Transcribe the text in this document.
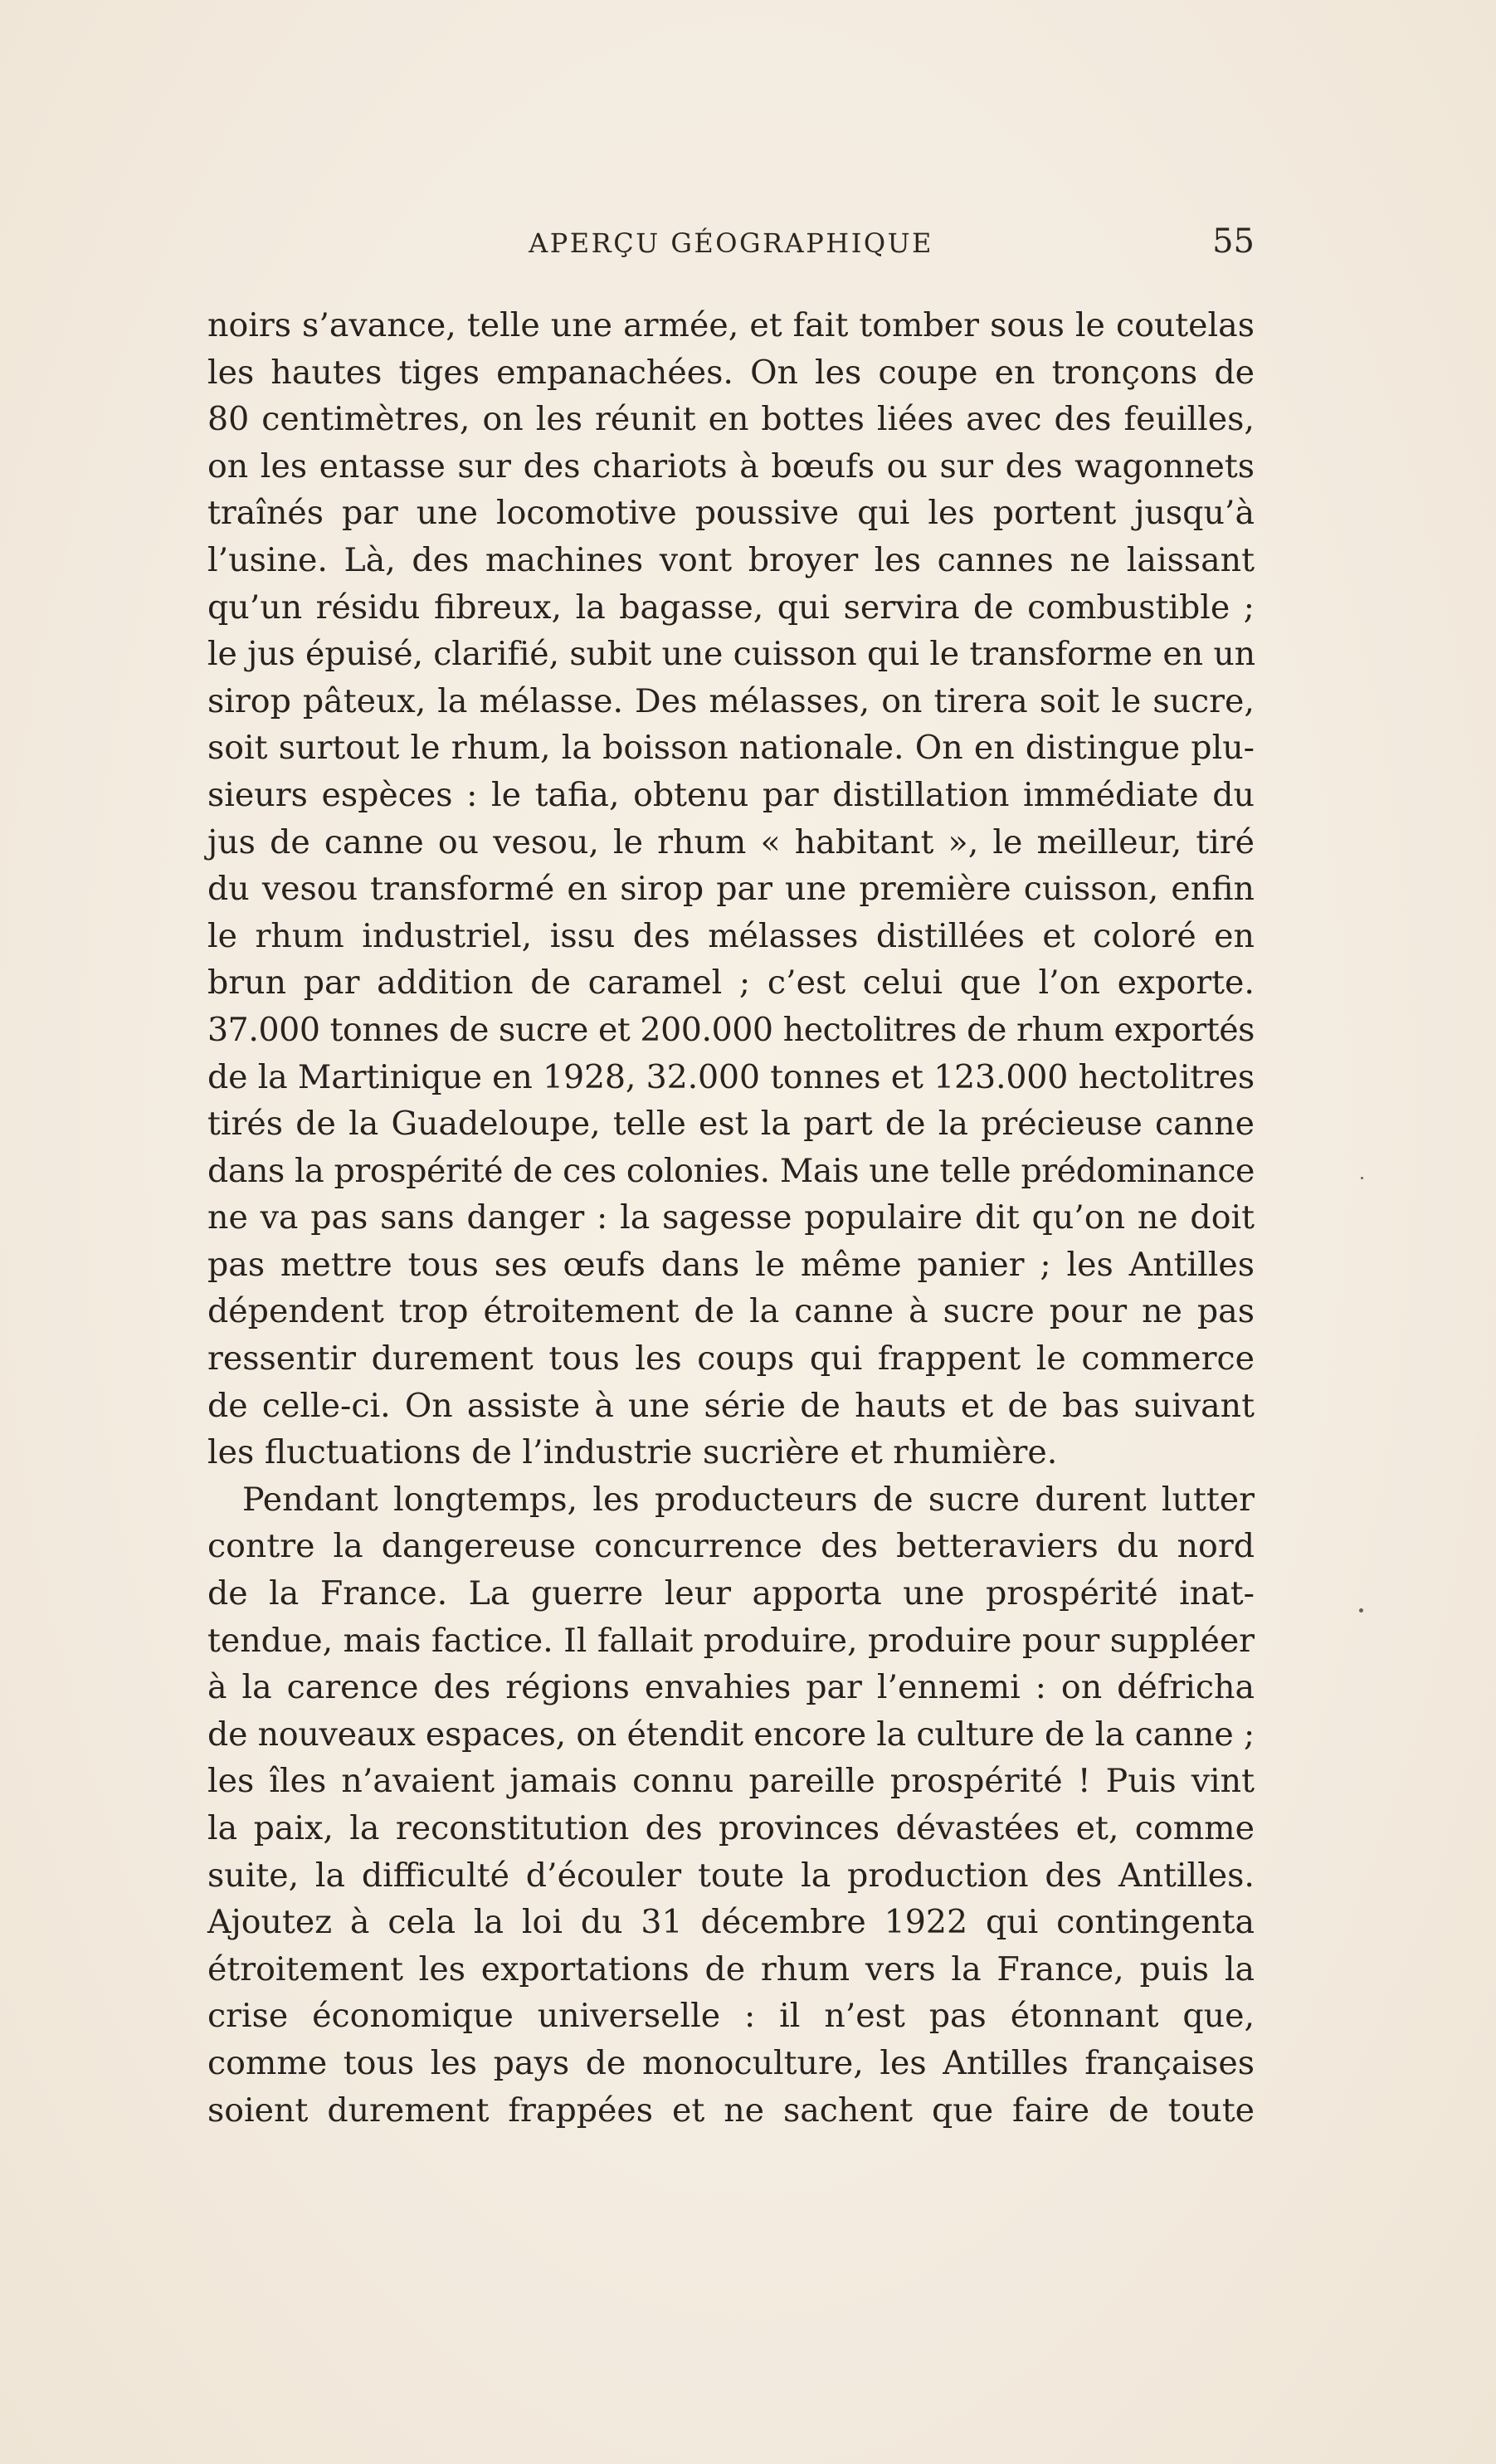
APERÇU GÉOGRAPHIQUE	55
noirs s’avance, telle une armée, et fait tomber sous le coutelas
les hautes tiges empanachées. On les coupe en tronçons de
80 centimètres, on les réunit en bottes liées avec des feuilles,
on les entasse sur des chariots à bœufs ou sur des wagonnets
traînés par une locomotive poussive qui les portent jusqu’à
l’usine. Là, des machines vont broyer les cannes ne laissant
qu’un résidu fibreux, la bagasse, qui servira de combustible ;
le jus épuisé, clarifié, subit une cuisson qui le transforme en un
sirop pâteux, la mélasse. Des mélasses, on tirera soit le sucre,
soit surtout le rhum, la boisson nationale. On en distingue plu-
sieurs espèces : le tafia, obtenu par distillation immédiate du
jus de canne ou vesou, le rhum « habitant », le meilleur, tiré
du vesou transformé en sirop par une première cuisson, enfin
le rhum industriel, issu des mélasses distillées et coloré en
brun par addition de caramel ; c’est celui que l’on exporte.
37.000 tonnes de sucre et 200.000 hectolitres de rhum exportés
de la Martinique en 1928, 32.000 tonnes et 123.000 hectolitres
tirés de la Guadeloupe, telle est la part de la précieuse canne
dans la prospérité de ces colonies. Mais une telle prédominance
ne va pas sans danger : la sagesse populaire dit qu’on ne doit
pas mettre tous ses œufs dans le même panier ; les Antilles
dépendent trop étroitement de la canne à sucre pour ne pas
ressentir durement tous les coups qui frappent le commerce
de celle-ci. On assiste à une série de hauts et de bas suivant
les fluctuations de l’industrie sucrière et rhumière.
Pendant longtemps, les producteurs de sucre durent lutter
contre la dangereuse concurrence des betteraviers du nord
de la France. La guerre leur apporta une prospérité inat-
tendue, mais factice. Il fallait produire, produire pour suppléer
à la carence des régions envahies par l’ennemi : on défricha
de nouveaux espaces, on étendit encore la culture de la canne ;
les îles n’avaient jamais connu pareille prospérité ! Puis vint
la paix, la reconstitution des provinces dévastées et, comme
suite, la difficulté d’écouler toute la production des Antilles.
Ajoutez à cela la loi du 31 décembre 1922 qui contingenta
étroitement les exportations de rhum vers la France, puis la
crise économique universelle : il n’est pas étonnant que,
comme tous les pays de monoculture, les Antilles françaises
soient durement frappées et ne sachent que faire de toute
